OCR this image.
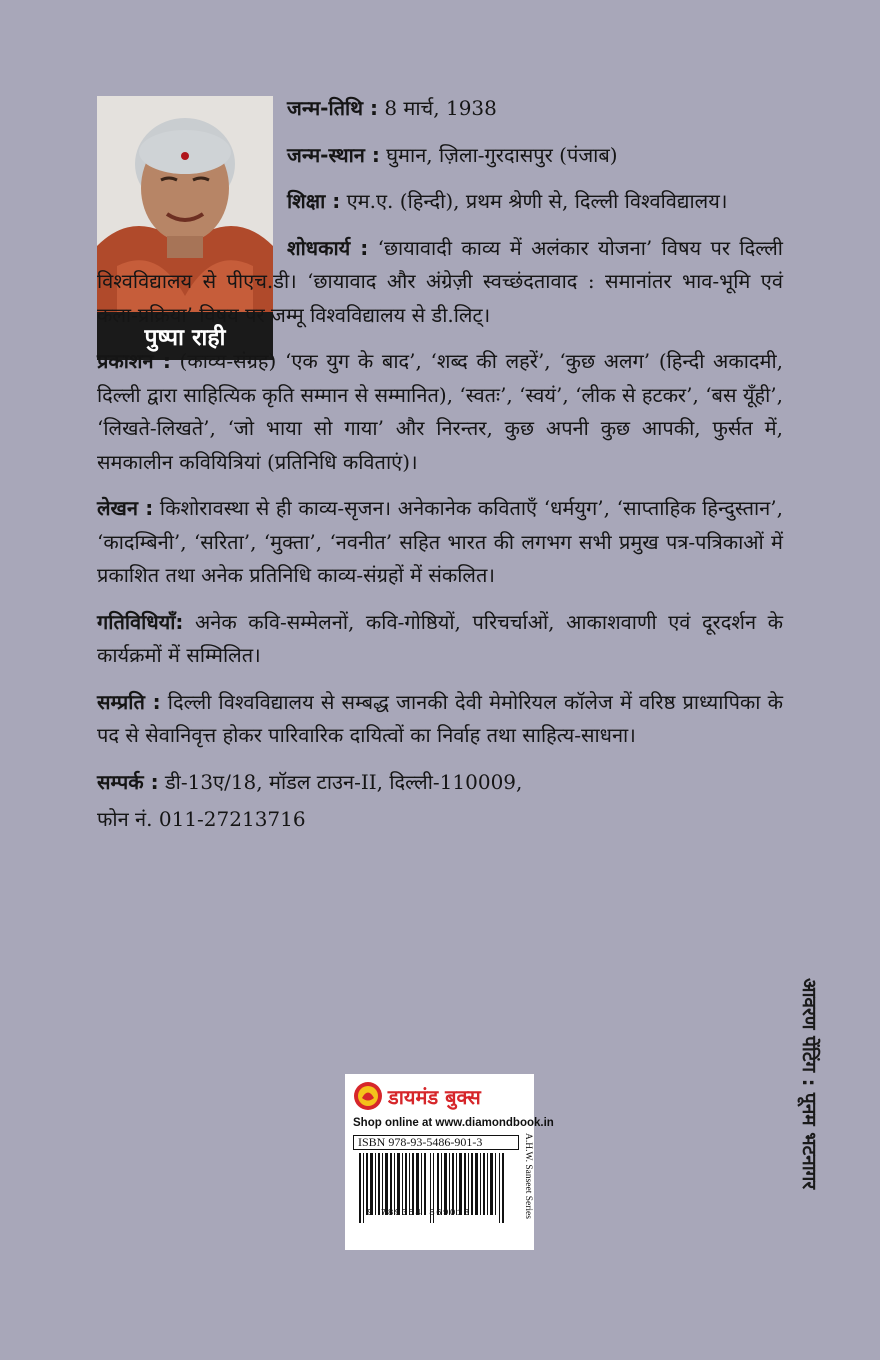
पुष्पा राही

जन्म-तिथि : 8 मार्च, 1938

जन्म-स्थान : घुमान, ज़िला-गुरदासपुर (पंजाब)

शिक्षा : एम.ए. (हिन्दी), प्रथम श्रेणी से, दिल्ली विश्वविद्यालय।

शोधकार्य : ‘छायावादी काव्य में अलंकार योजना’ विषय पर दिल्ली विश्वविद्यालय से पीएच.डी। ‘छायावाद और अंग्रेज़ी स्वच्छंदतावाद : समानांतर भाव-भूमि एवं कला-प्रक्रिया’ विषय पर जम्मू विश्वविद्यालय से डी.लिट्।

प्रकाशन : (काव्य-संग्रह) ‘एक युग के बाद’, ‘शब्द की लहरें’, ‘कुछ अलग’ (हिन्दी अकादमी, दिल्ली द्वारा साहित्यिक कृति सम्मान से सम्मानित), ‘स्वतः’, ‘स्वयं’, ‘लीक से हटकर’, ‘बस यूँही’, ‘लिखते-लिखते’, ‘जो भाया सो गाया’ और निरन्तर, कुछ अपनी कुछ आपकी, फुर्सत में, समकालीन कवियित्रियां (प्रतिनिधि कविताएं)।

लेखन : किशोरावस्था से ही काव्य-सृजन। अनेकानेक कविताएँ ‘धर्मयुग’, ‘साप्ताहिक हिन्दुस्तान’, ‘कादम्बिनी’, ‘सरिता’, ‘मुक्ता’, ‘नवनीत’ सहित भारत की लगभग सभी प्रमुख पत्र-पत्रिकाओं में प्रकाशित तथा अनेक प्रतिनिधि काव्य-संग्रहों में संकलित।

गतिविधियाँ: अनेक कवि-सम्मेलनों, कवि-गोष्ठियों, परिचर्चाओं, आकाशवाणी एवं दूरदर्शन के कार्यक्रमों में सम्मिलित।

सम्प्रति : दिल्ली विश्वविद्यालय से सम्बद्ध जानकी देवी मेमोरियल कॉलेज में वरिष्ठ प्राध्यापिका के पद से सेवानिवृत्त होकर पारिवारिक दायित्वों का निर्वाह तथा साहित्य-साधना।

सम्पर्क : डी-13ए/18, मॉडल टाउन-II, दिल्ली-110009,

फोन नं. 011-27213716

आवरण पेंटिंग : पूनम भटनागर
डायमंड बुक्स
Shop online at www.diamondbook.in
ISBN 978-93-5486-901-3
9 789354 869013	A.H.W. Sanseet Series
